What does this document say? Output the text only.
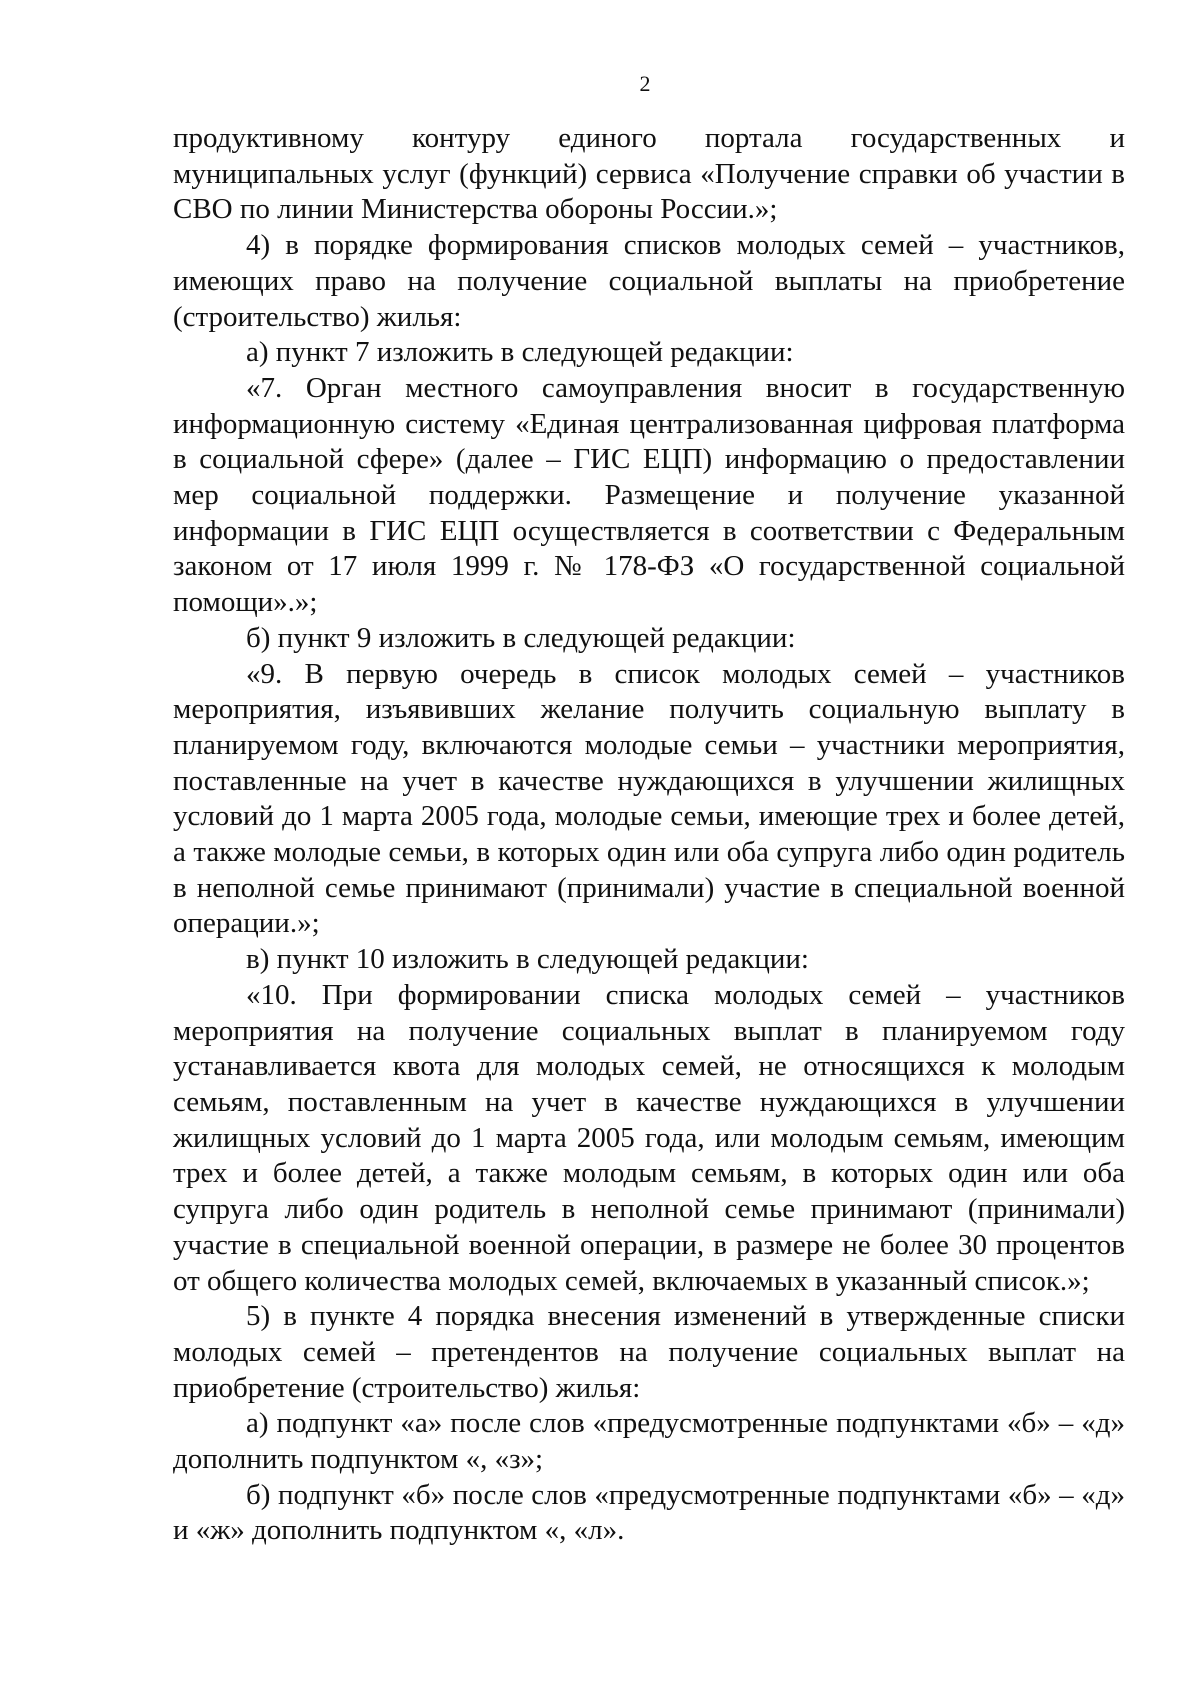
2

продуктивному контуру единого портала государственных и муниципальных услуг (функций) сервиса «Получение справки об участии в СВО по линии Министерства обороны России.»;

4) в порядке формирования списков молодых семей – участников, имеющих право на получение социальной выплаты на приобретение (строительство) жилья:

а) пункт 7 изложить в следующей редакции:

«7. Орган местного самоуправления вносит в государственную информационную систему «Единая централизованная цифровая платформа в социальной сфере» (далее – ГИС ЕЦП) информацию о предоставлении мер социальной поддержки. Размещение и получение указанной информации в ГИС ЕЦП осуществляется в соответствии с Федеральным законом от 17 июля 1999 г. № 178-ФЗ «О государственной социальной помощи».»;

б) пункт 9 изложить в следующей редакции:

«9. В первую очередь в список молодых семей – участников мероприятия, изъявивших желание получить социальную выплату в планируемом году, включаются молодые семьи – участники мероприятия, поставленные на учет в качестве нуждающихся в улучшении жилищных условий до 1 марта 2005 года, молодые семьи, имеющие трех и более детей, а также молодые семьи, в которых один или оба супруга либо один родитель в неполной семье принимают (принимали) участие в специальной военной операции.»;

в) пункт 10 изложить в следующей редакции:

«10. При формировании списка молодых семей – участников мероприятия на получение социальных выплат в планируемом году устанавливается квота для молодых семей, не относящихся к молодым семьям, поставленным на учет в качестве нуждающихся в улучшении жилищных условий до 1 марта 2005 года, или молодым семьям, имеющим трех и более детей, а также молодым семьям, в которых один или оба супруга либо один родитель в неполной семье принимают (принимали) участие в специальной военной операции, в размере не более 30 процентов от общего количества молодых семей, включаемых в указанный список.»;

5) в пункте 4 порядка внесения изменений в утвержденные списки молодых семей – претендентов на получение социальных выплат на приобретение (строительство) жилья:

а) подпункт «а» после слов «предусмотренные подпунктами «б» – «д» дополнить подпунктом «, «з»;

б) подпункт «б» после слов «предусмотренные подпунктами «б» – «д» и «ж» дополнить подпунктом «, «л».
